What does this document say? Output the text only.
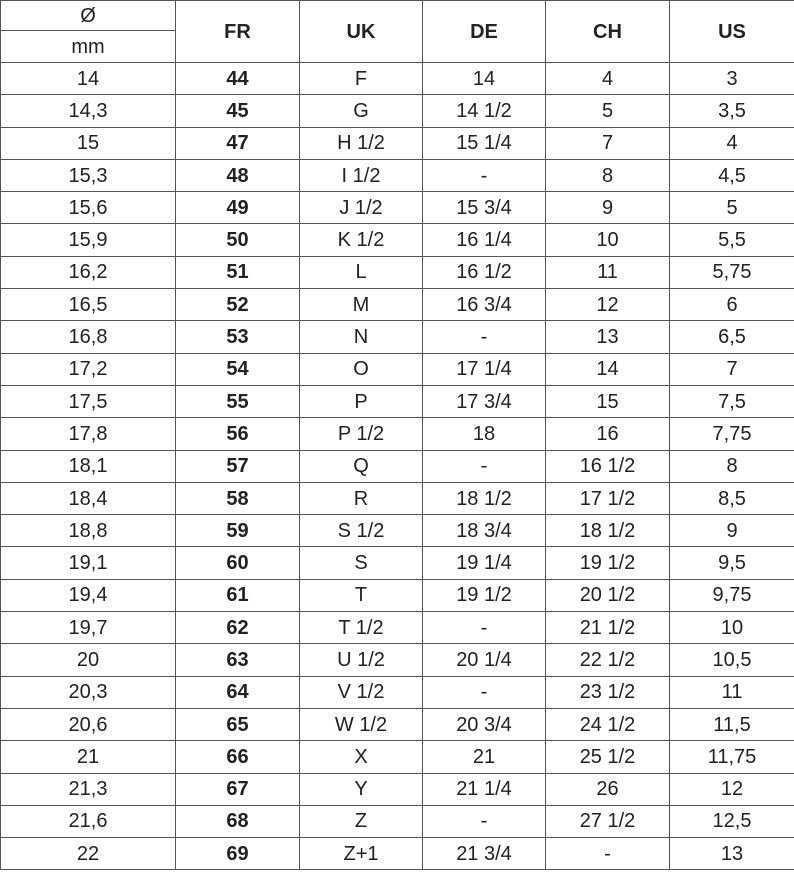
Ø
mm	FR	UK	DE	CH	US
14	44	F	14	4	3
14,3	45	G	14 1/2	5	3,5
15	47	H 1/2	15 1/4	7	4
15,3	48	I 1/2	-	8	4,5
15,6	49	J 1/2	15 3/4	9	5
15,9	50	K 1/2	16 1/4	10	5,5
16,2	51	L	16 1/2	11	5,75
16,5	52	M	16 3/4	12	6
16,8	53	N	-	13	6,5
17,2	54	O	17 1/4	14	7
17,5	55	P	17 3/4	15	7,5
17,8	56	P 1/2	18	16	7,75
18,1	57	Q	-	16 1/2	8
18,4	58	R	18 1/2	17 1/2	8,5
18,8	59	S 1/2	18 3/4	18 1/2	9
19,1	60	S	19 1/4	19 1/2	9,5
19,4	61	T	19 1/2	20 1/2	9,75
19,7	62	T 1/2	-	21 1/2	10
20	63	U 1/2	20 1/4	22 1/2	10,5
20,3	64	V 1/2	-	23 1/2	11
20,6	65	W 1/2	20 3/4	24 1/2	11,5
21	66	X	21	25 1/2	11,75
21,3	67	Y	21 1/4	26	12
21,6	68	Z	-	27 1/2	12,5
22	69	Z+1	21 3/4	-	13
